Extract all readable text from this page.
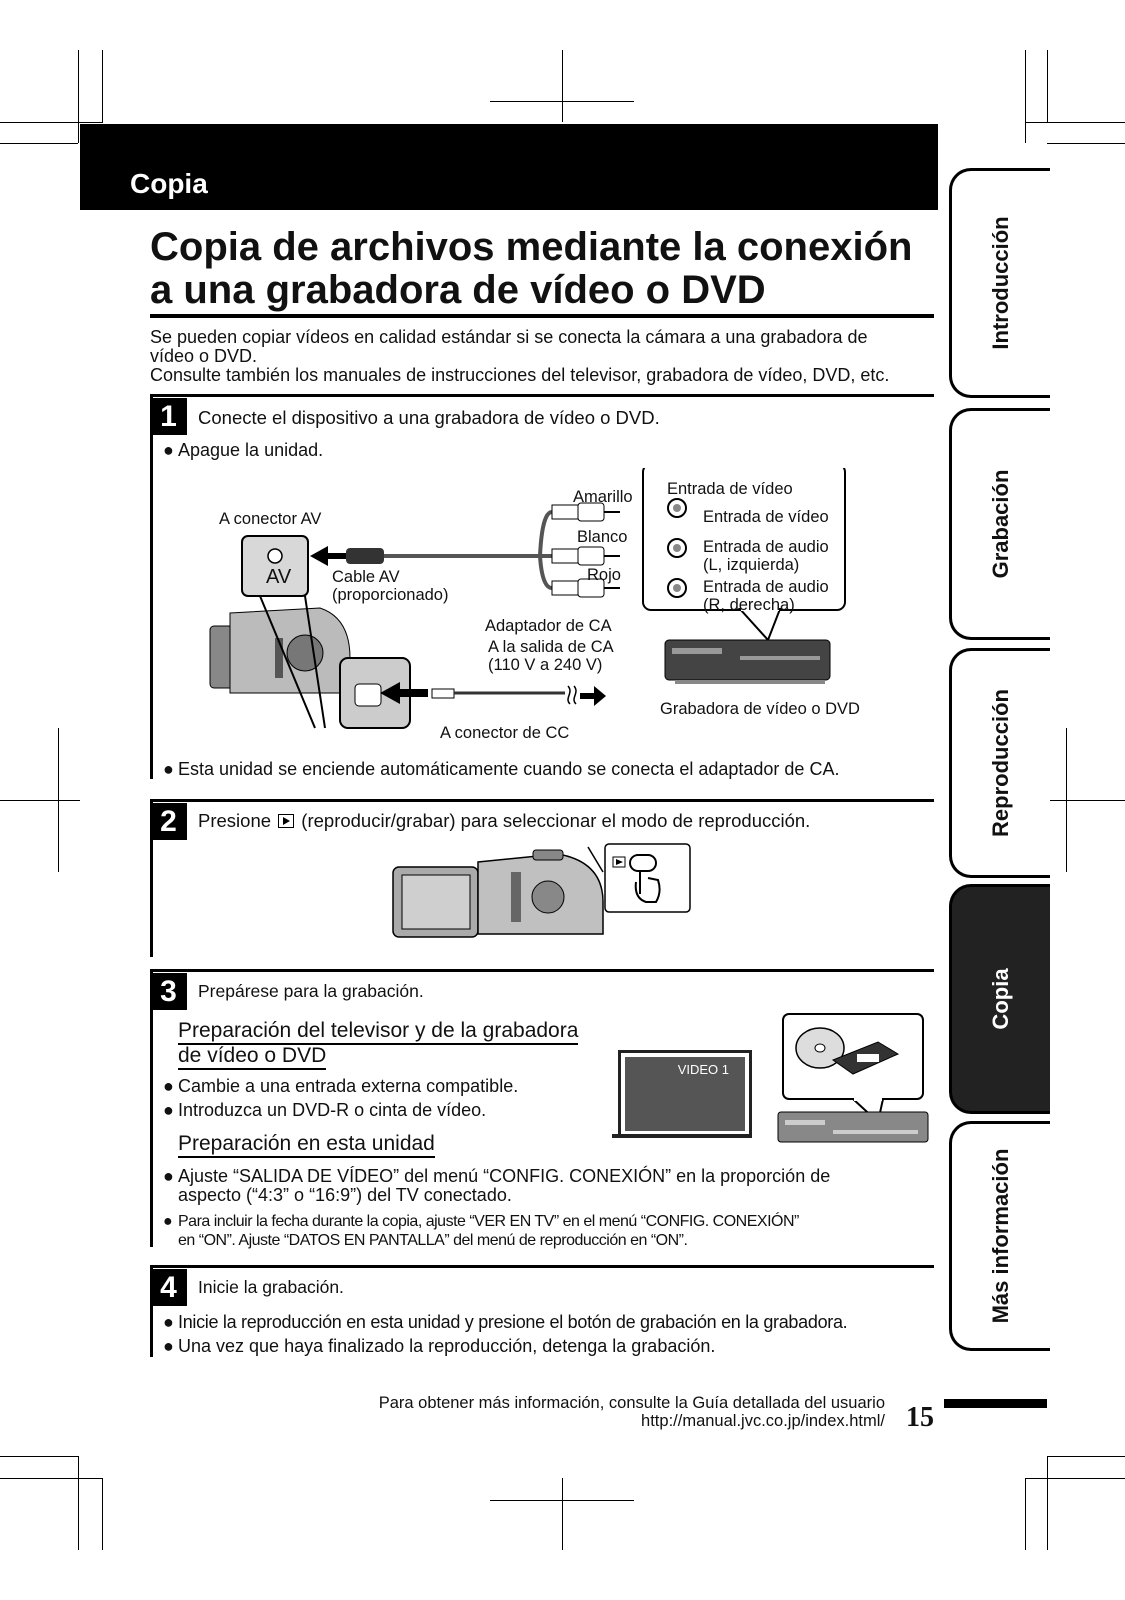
Copia
Copia de archivos mediante la conexión
a una grabadora de vídeo o DVD
Se pueden copiar vídeos en calidad estándar si se conecta la cámara a una grabadora de
vídeo o DVD.
Consulte también los manuales de instrucciones del televisor, grabadora de vídeo, DVD, etc.
1	Conecte el dispositivo a una grabadora de vídeo o DVD.
● Apague la unidad.
A conector AV
AV Cable AV
(proporcionado)
Amarillo
Blanco
Rojo
Entrada de vídeo
Entrada de vídeo
Entrada de audio
(L, izquierda)
Entrada de audio
(R, derecha)
Adaptador de CA
A la salida de CA
(110 V a 240 V)
A conector de CC
Grabadora de vídeo o DVD
● Esta unidad se enciende automáticamente cuando se conecta el adaptador de CA.
2	Presione (reproducir/grabar) para seleccionar el modo de reproducción.
3	Prepárese para la grabación.
Preparación del televisor y de la grabadora
de vídeo o DVD
● Cambie a una entrada externa compatible.
● Introduzca un DVD-R o cinta de vídeo.
VIDEO 1
Preparación en esta unidad
● Ajuste “SALIDA DE VÍDEO” del menú “CONFIG. CONEXIÓN” en la proporción de
aspecto (“4:3” o “16:9”) del TV conectado.
● Para incluir la fecha durante la copia, ajuste “VER EN TV” en el menú “CONFIG. CONEXIÓN”
en “ON”. Ajuste “DATOS EN PANTALLA” del menú de reproducción en “ON”.
4	Inicie la grabación.
● Inicie la reproducción en esta unidad y presione el botón de grabación en la grabadora.
● Una vez que haya finalizado la reproducción, detenga la grabación.
Introducción
Grabación
Reproducción
Copia
Más información
Para obtener más información, consulte la Guía detallada del usuario
http://manual.jvc.co.jp/index.html/ 15
